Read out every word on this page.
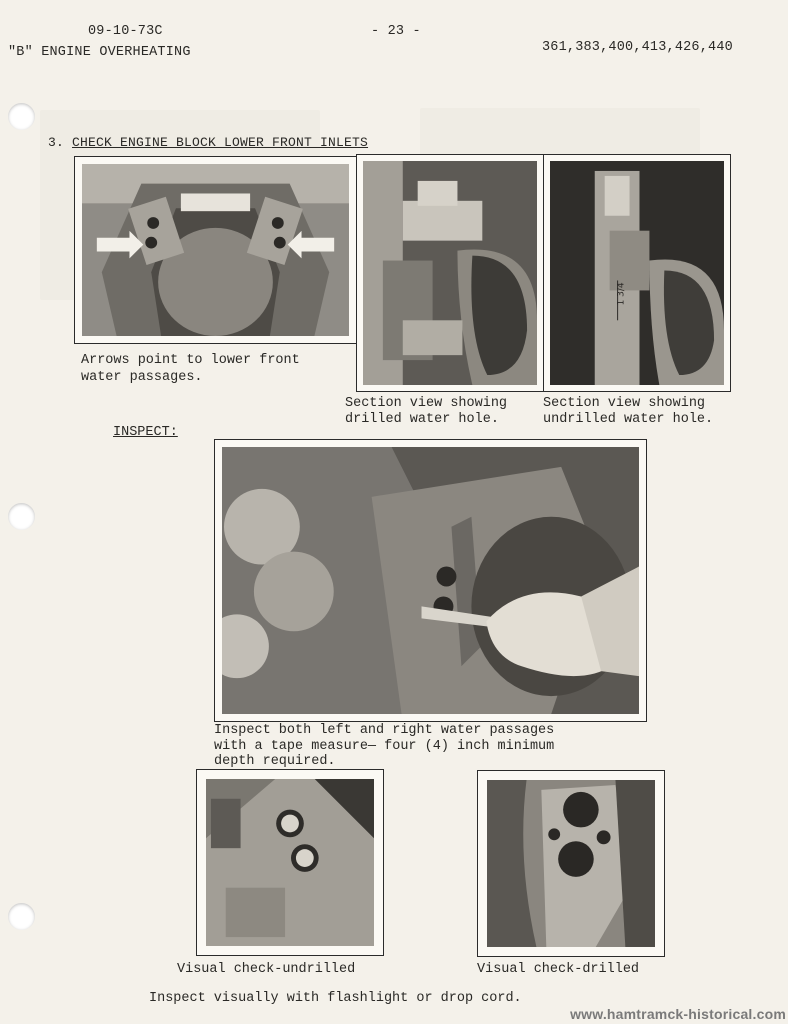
09-10-73C
"B" ENGINE OVERHEATING
- 23 -
361,383,400,413,426,440
3. CHECK ENGINE BLOCK LOWER FRONT INLETS
Arrows point to lower front
water passages.
Section view showing
drilled water hole.
1 3/4
Section view showing
undrilled water hole.
INSPECT:
Inspect both left and right water passages
with a tape measure— four (4) inch minimum
depth required.
Visual check-undrilled	Visual check-drilled
Inspect visually with flashlight or drop cord.
www.hamtramck-historical.com
